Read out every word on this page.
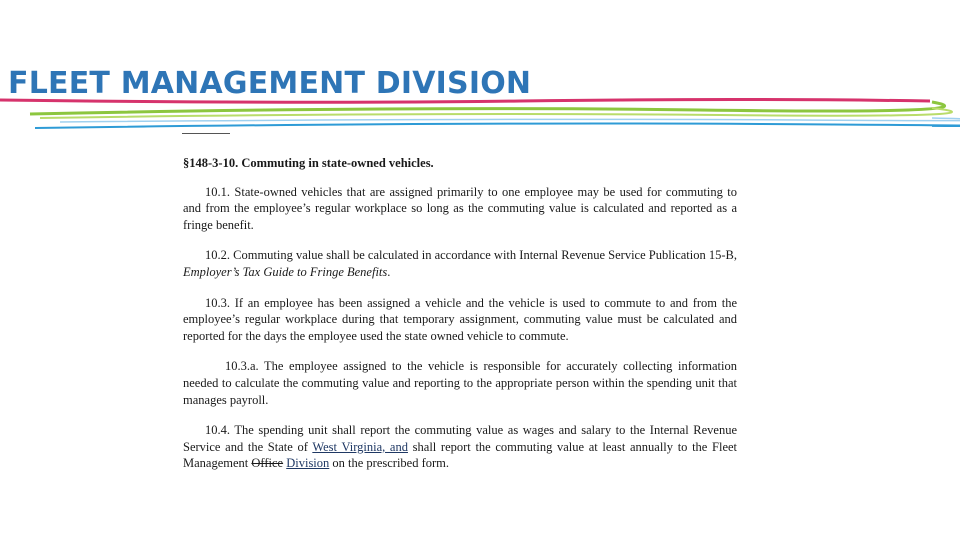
FLEET MANAGEMENT DIVISION

§148-3-10. Commuting in state-owned vehicles.

10.1. State-owned vehicles that are assigned primarily to one employee may be used for commuting to and from the employee’s regular workplace so long as the commuting value is calculated and reported as a fringe benefit.

10.2. Commuting value shall be calculated in accordance with Internal Revenue Service Publication 15-B, Employer’s Tax Guide to Fringe Benefits.

10.3. If an employee has been assigned a vehicle and the vehicle is used to commute to and from the employee’s regular workplace during that temporary assignment, commuting value must be calculated and reported for the days the employee used the state owned vehicle to commute.

10.3.a. The employee assigned to the vehicle is responsible for accurately collecting information needed to calculate the commuting value and reporting to the appropriate person within the spending unit that manages payroll.

10.4. The spending unit shall report the commuting value as wages and salary to the Internal Revenue Service and the State of West Virginia, and shall report the commuting value at least annually to the Fleet Management Office Division on the prescribed form.
